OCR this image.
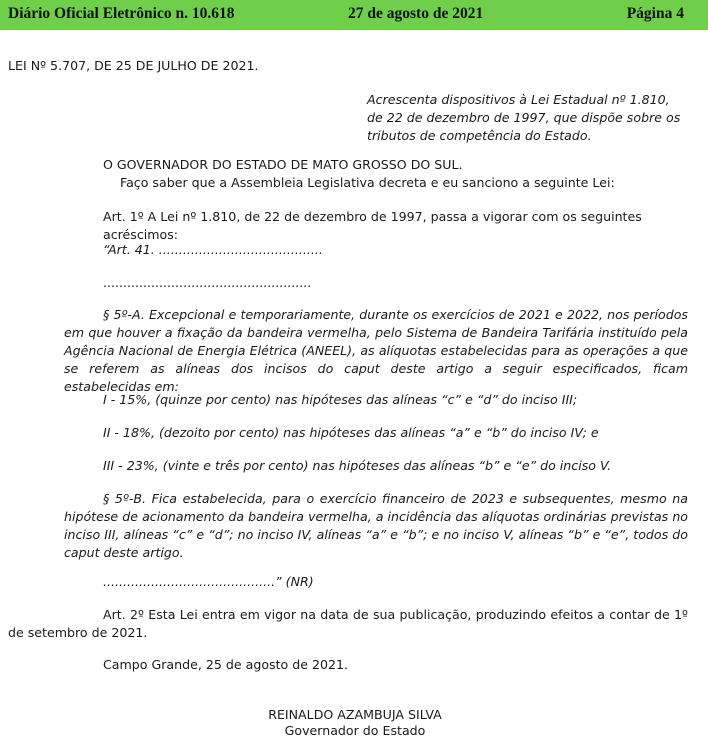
Diário Oficial Eletrônico n. 10.618	27 de agosto de 2021	Página 4

LEI Nº 5.707, DE 25 DE JULHO DE 2021.

Acrescenta dispositivos à Lei Estadual nº 1.810, de 22 de dezembro de 1997, que dispõe sobre os tributos de competência do Estado.

O GOVERNADOR DO ESTADO DE MATO GROSSO DO SUL.

Faço saber que a Assembleia Legislativa decreta e eu sanciono a seguinte Lei:

Art. 1º A Lei nº 1.810, de 22 de dezembro de 1997, passa a vigorar com os seguintes acréscimos:

“Art. 41. .........................................

....................................................

§ 5º-A. Excepcional e temporariamente, durante os exercícios de 2021 e 2022, nos períodos em que houver a fixação da bandeira vermelha, pelo Sistema de Bandeira Tarifária instituído pela Agência Nacional de Energia Elétrica (ANEEL), as alíquotas estabelecidas para as operações a que se referem as alíneas dos incisos do caput deste artigo a seguir especificados, ficam estabelecidas em:

I - 15%, (quinze por cento) nas hipóteses das alíneas “c” e “d” do inciso III;

II - 18%, (dezoito por cento) nas hipóteses das alíneas “a” e “b” do inciso IV; e

III - 23%, (vinte e três por cento) nas hipóteses das alíneas “b” e “e” do inciso V.

§ 5º-B. Fica estabelecida, para o exercício financeiro de 2023 e subsequentes, mesmo na hipótese de acionamento da bandeira vermelha, a incidência das alíquotas ordinárias previstas no inciso III, alíneas “c” e “d”; no inciso IV, alíneas “a” e “b”; e no inciso V, alíneas “b” e “e”, todos do caput deste artigo.

...........................................” (NR)

Art. 2º Esta Lei entra em vigor na data de sua publicação, produzindo efeitos a contar de 1º de setembro de 2021.

Campo Grande, 25 de agosto de 2021.

REINALDO AZAMBUJA SILVA

Governador do Estado
